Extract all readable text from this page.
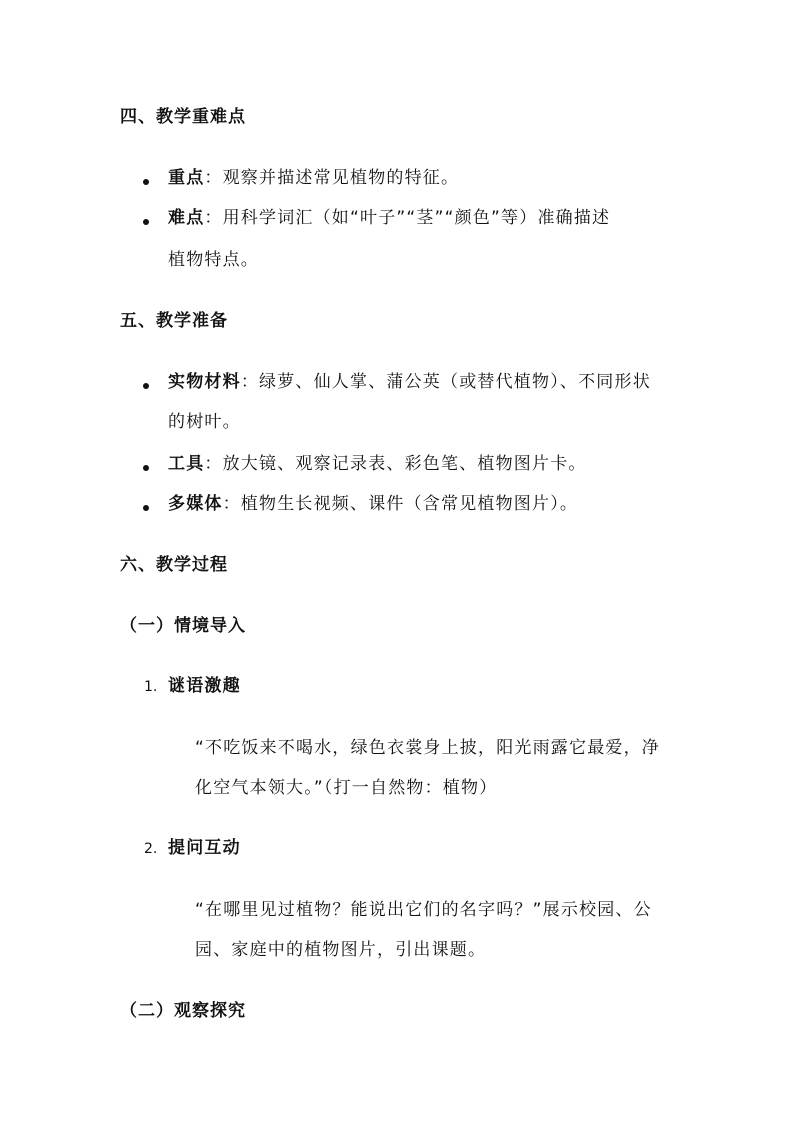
四、教学重难点
重点：观察并描述常见植物的特征。
难点：用科学词汇（如“叶子”“茎”“颜色”等）准确描述
植物特点。
五、教学准备
实物材料：绿萝、仙人掌、蒲公英（或替代植物）、不同形状
的树叶。
工具：放大镜、观察记录表、彩色笔、植物图片卡。
多媒体：植物生长视频、课件（含常见植物图片）。
六、教学过程
（一）情境导入
1. 谜语激趣
“不吃饭来不喝水，绿色衣裳身上披，阳光雨露它最爱，净
化空气本领大。”（打一自然物：植物）
2. 提问互动
“在哪里见过植物？能说出它们的名字吗？”展示校园、公
园、家庭中的植物图片，引出课题。
（二）观察探究
